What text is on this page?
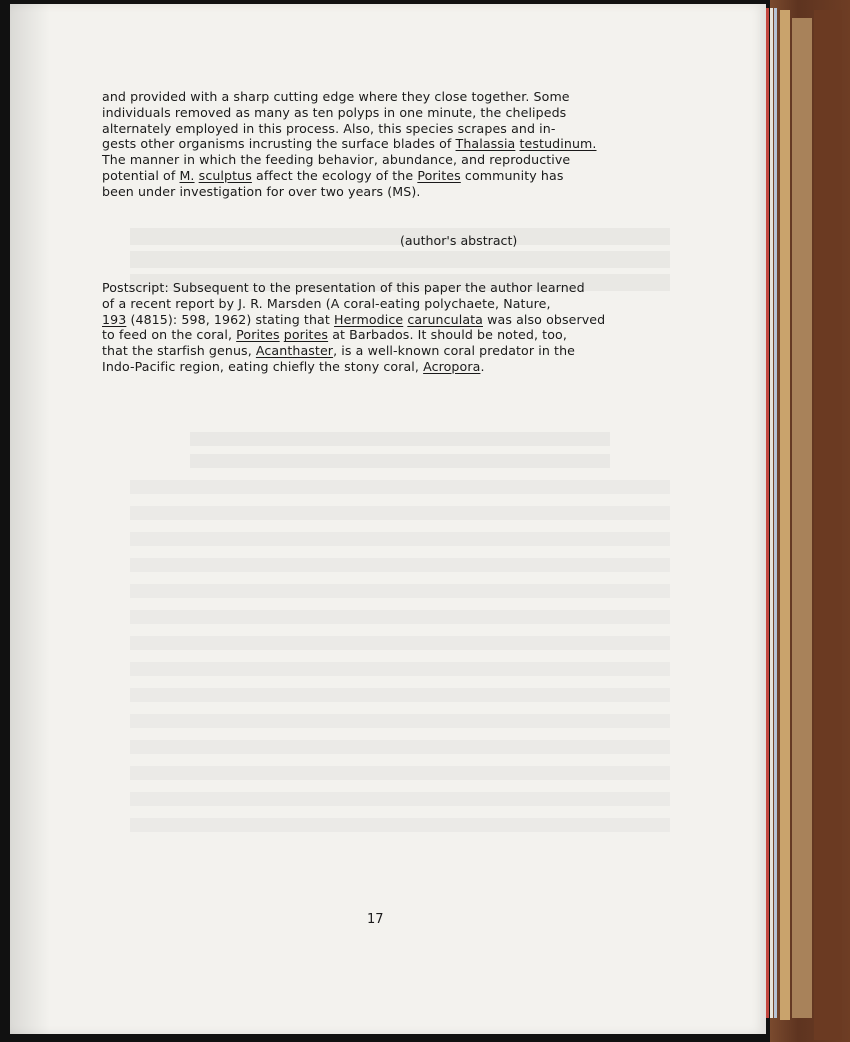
and provided with a sharp cutting edge where they close together. Some
individuals removed as many as ten polyps in one minute, the chelipeds
alternately employed in this process. Also, this species scrapes and in-
gests other organisms incrusting the surface blades of Thalassia testudinum.
The manner in which the feeding behavior, abundance, and reproductive
potential of M. sculptus affect the ecology of the Porites community has
been under investigation for over two years (MS).
(author's abstract)
Postscript: Subsequent to the presentation of this paper the author learned
of a recent report by J. R. Marsden (A coral-eating polychaete, Nature,
193 (4815): 598, 1962) stating that Hermodice carunculata was also observed
to feed on the coral, Porites porites at Barbados. It should be noted, too,
that the starfish genus, Acanthaster, is a well-known coral predator in the
Indo-Pacific region, eating chiefly the stony coral, Acropora.
17
